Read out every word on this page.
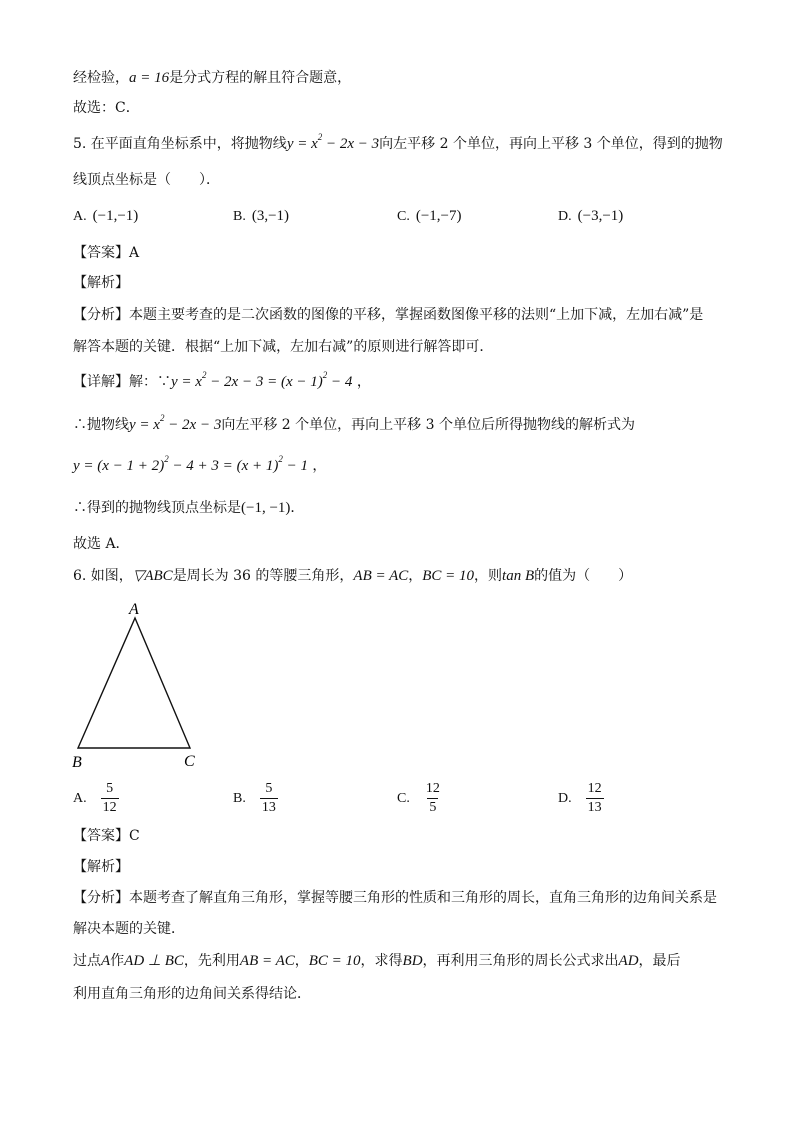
经检验，a = 16是分式方程的解且符合题意，
故选：C．
5. 在平面直角坐标系中，将抛物线$y = x^2 - 2x - 3$向左平移 2 个单位，再向上平移 3 个单位，得到的抛物
线顶点坐标是（　　）．
A. (−1,−1)	B. (3,−1)	C. (−1,−7)	D. (−3,−1)
【答案】A
【解析】
【分析】本题主要考查的是二次函数的图像的平移，掌握函数图像平移的法则“上加下减，左加右减”是
解答本题的关键．根据“上加下减，左加右减”的原则进行解答即可．
【详解】解：∵y = $x^2 - 2x - 3 = (x - 1)^2 - 4$ ，
∴抛物线$y = x^2 - 2x - 3$向左平移 2 个单位，再向上平移 3 个单位后所得抛物线的解析式为
$y = (x - 1 + 2)^2 - 4 + 3 = (x + 1)^2 - 1$ ，
∴得到的抛物线顶点坐标是(−1, −1)．
故选 A．
6. 如图，▽ABC是周长为 36 的等腰三角形，AB = AC，BC = 10，则tan B的值为（　　）
A
B	C
A. $\frac{5}{12}$	B. $\frac{5}{13}$	C. $\frac{12}{5}$	D. $\frac{12}{13}$
【答案】C
【解析】
【分析】本题考查了解直角三角形，掌握等腰三角形的性质和三角形的周长，直角三角形的边角间关系是
解决本题的关键．
过点A作AD ⊥ BC，先利用AB = AC，BC = 10，求得BD，再利用三角形的周长公式求出AD，最后
利用直角三角形的边角间关系得结论．
